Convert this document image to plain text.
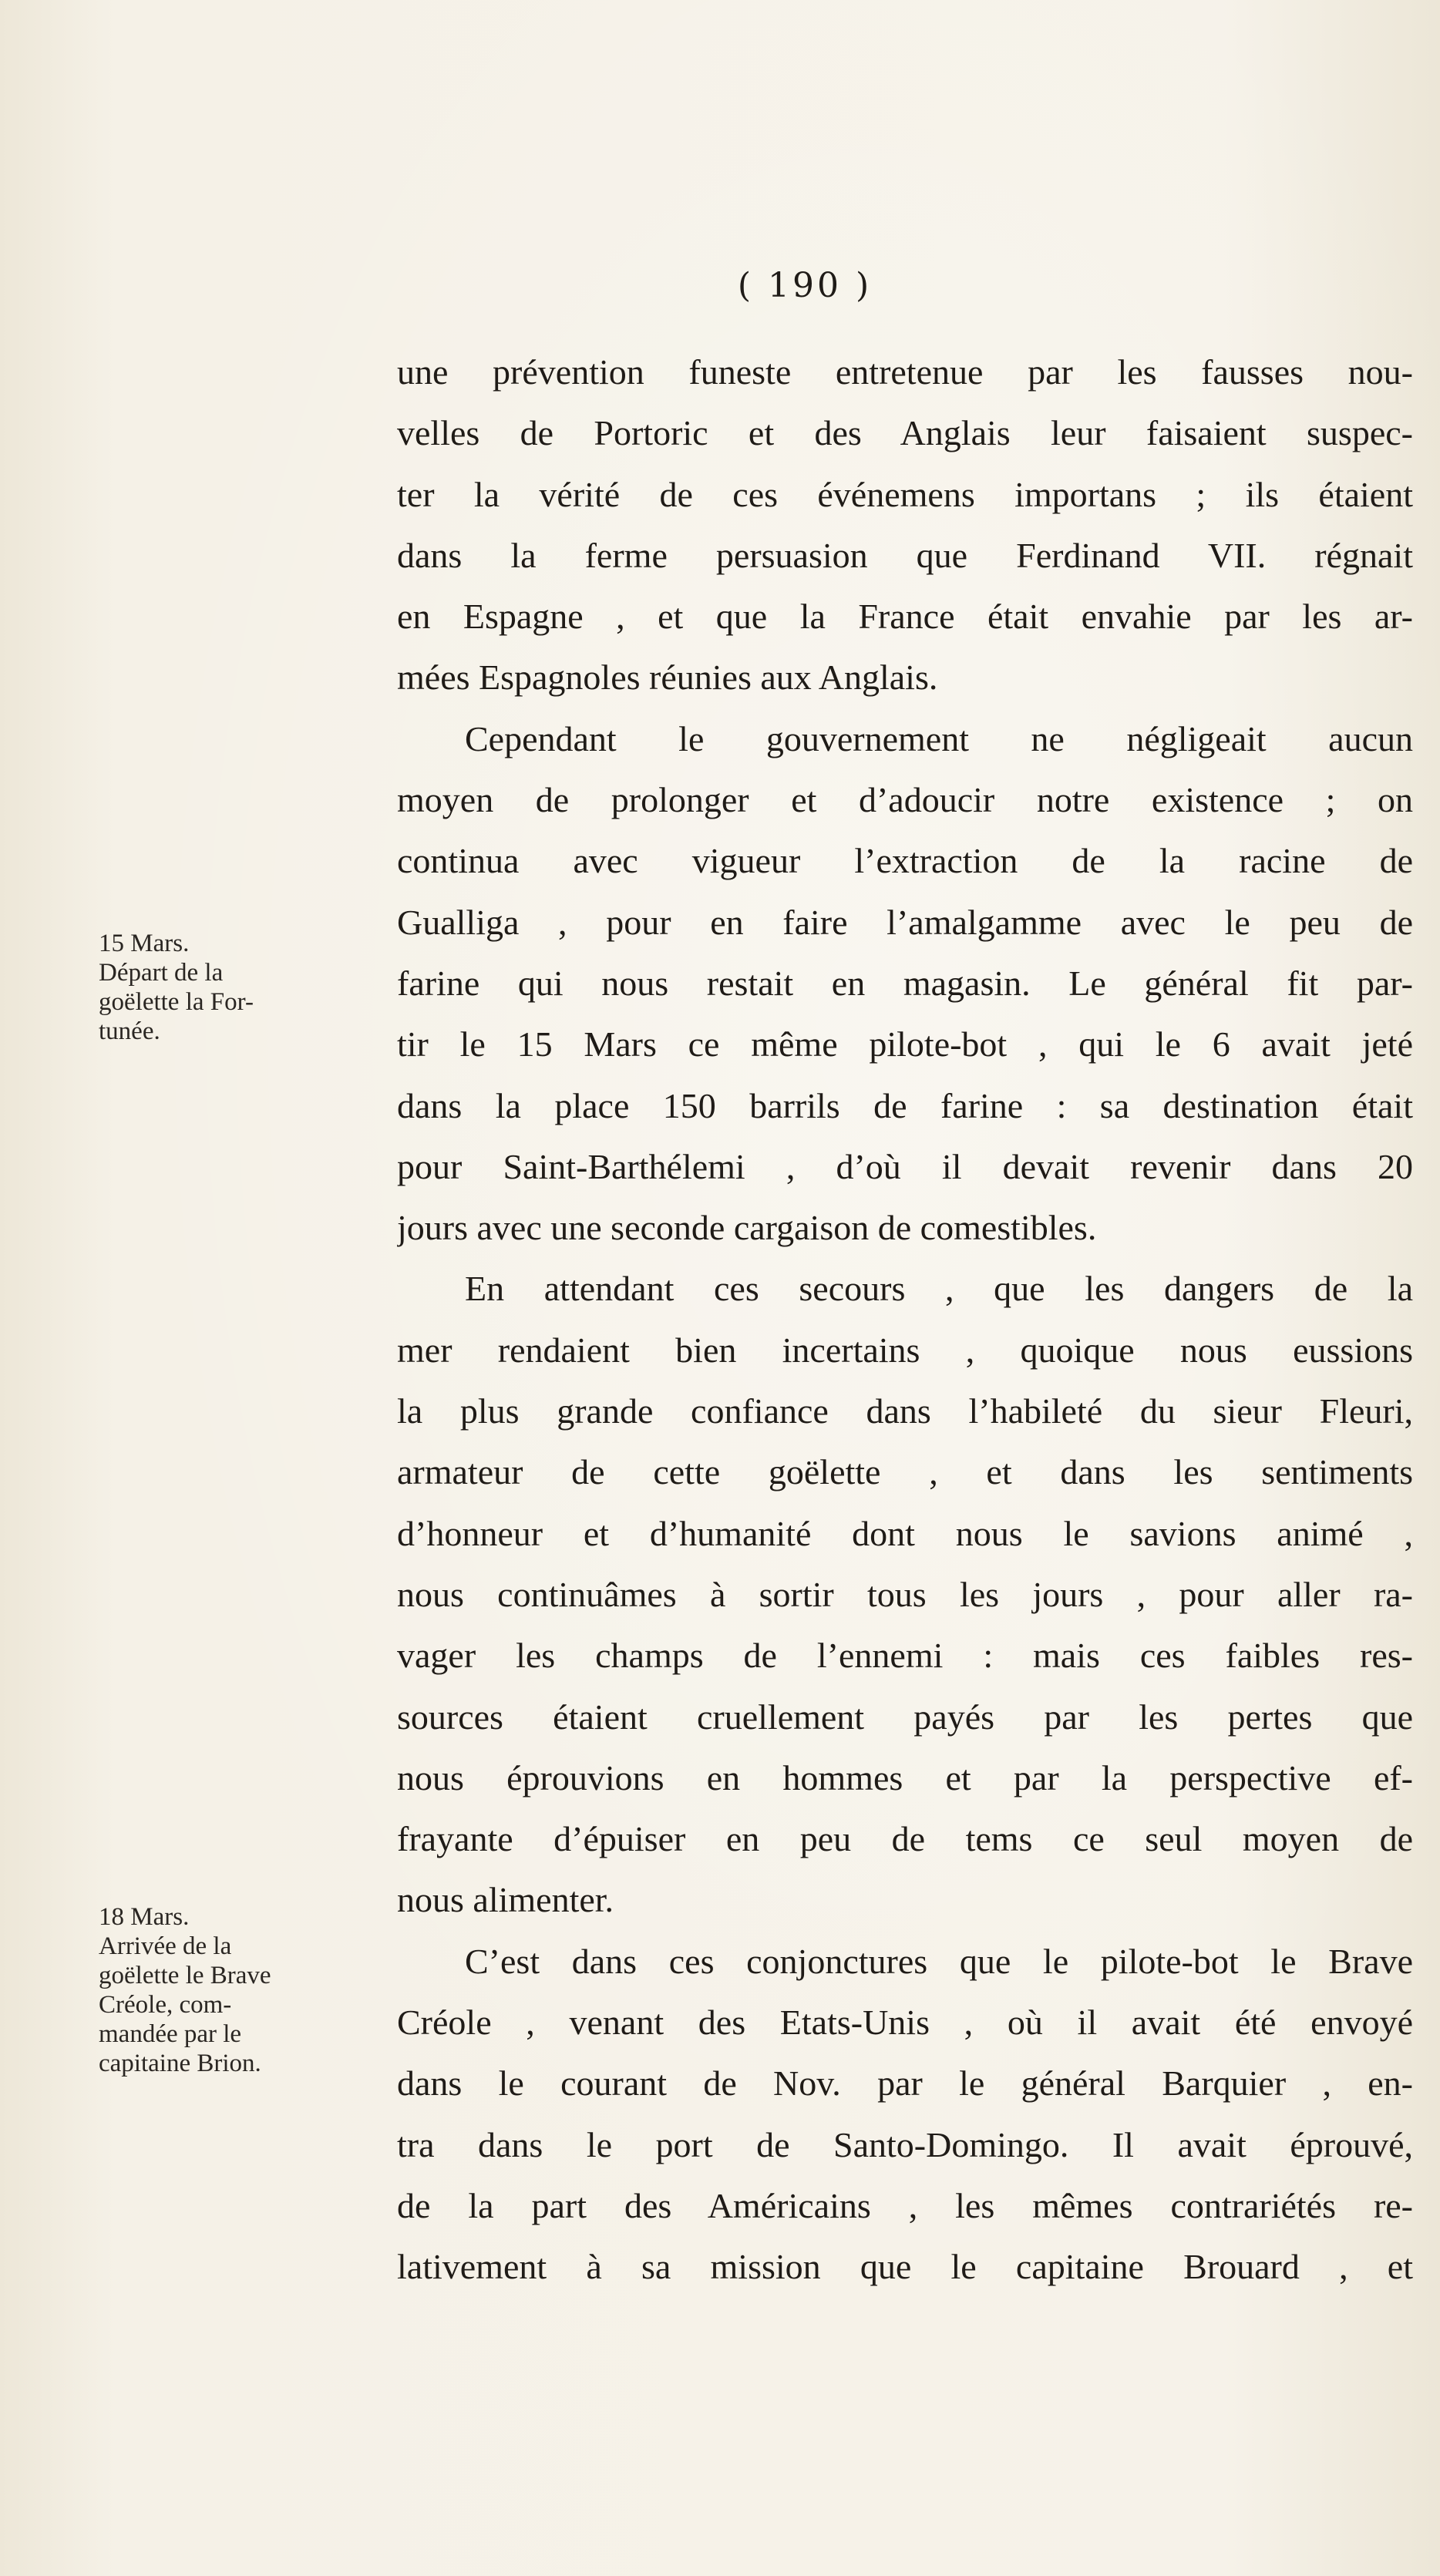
( 190 )
une prévention funeste entretenue par les fausses nou-
velles de Portoric et des Anglais leur faisaient suspec-
ter la vérité de ces événemens importans ; ils étaient
dans la ferme persuasion que Ferdinand VII. régnait
en Espagne , et que la France était envahie par les ar-
mées Espagnoles réunies aux Anglais.
Cependant le gouvernement ne négligeait aucun
moyen de prolonger et d’adoucir notre existence ; on
continua avec vigueur l’extraction de la racine de
Gualliga , pour en faire l’amalgamme avec le peu de
farine qui nous restait en magasin. Le général fit par-
tir le 15 Mars ce même pilote-bot , qui le 6 avait jeté
dans la place 150 barrils de farine : sa destination était
pour Saint-Barthélemi , d’où il devait revenir dans 20
jours avec une seconde cargaison de comestibles.
En attendant ces secours , que les dangers de la
mer rendaient bien incertains , quoique nous eussions
la plus grande confiance dans l’habileté du sieur Fleuri,
armateur de cette goëlette , et dans les sentiments
d’honneur et d’humanité dont nous le savions animé ,
nous continuâmes à sortir tous les jours , pour aller ra-
vager les champs de l’ennemi : mais ces faibles res-
sources étaient cruellement payés par les pertes que
nous éprouvions en hommes et par la perspective ef-
frayante d’épuiser en peu de tems ce seul moyen de
nous alimenter.
C’est dans ces conjonctures que le pilote-bot le Brave
Créole , venant des Etats-Unis , où il avait été envoyé
dans le courant de Nov. par le général Barquier , en-
tra dans le port de Santo-Domingo. Il avait éprouvé,
de la part des Américains , les mêmes contrariétés re-
lativement à sa mission que le capitaine Brouard , et
15 Mars.
Départ de la
goëlette la For-
tunée.
18 Mars.
Arrivée de la
goëlette le Brave
Créole, com-
mandée par le
capitaine Brion.
